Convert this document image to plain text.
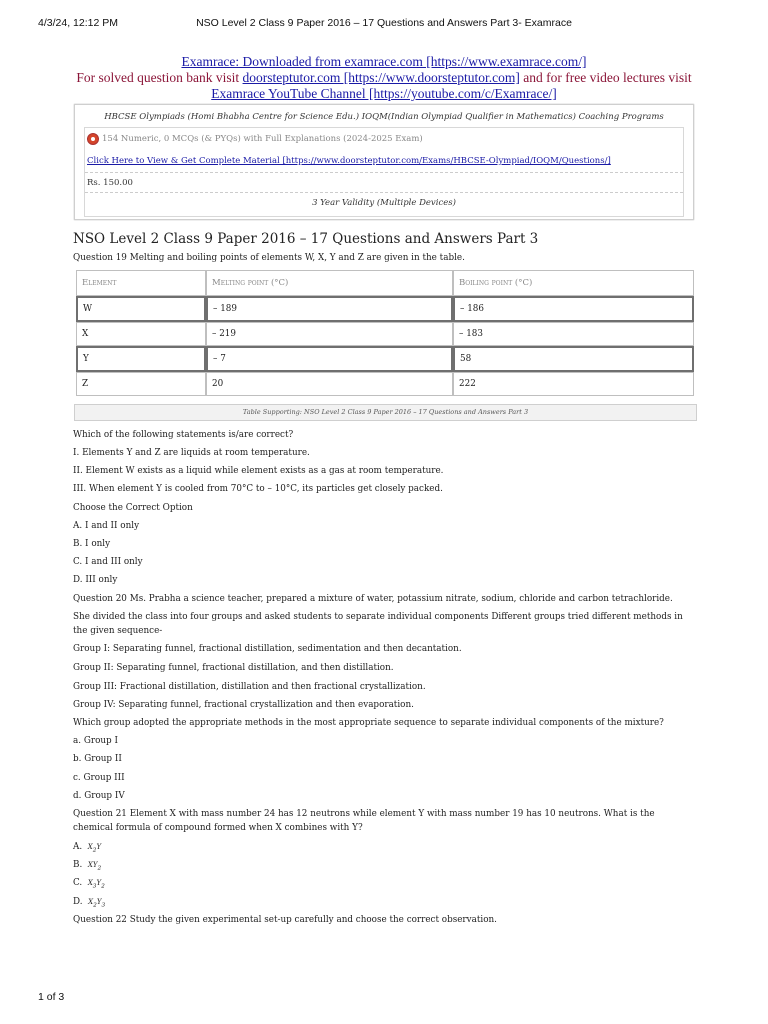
4/3/24, 12:12 PM	NSO Level 2 Class 9 Paper 2016 – 17 Questions and Answers Part 3- Examrace
Examrace: Downloaded from examrace.com [https://www.examrace.com/]
For solved question bank visit doorsteptutor.com [https://www.doorsteptutor.com] and for free video lectures visit
Examrace YouTube Channel [https://youtube.com/c/Examrace/]
HBCSE Olympiads (Homi Bhabha Centre for Science Edu.) IOQM(Indian Olympiad Qualifier in Mathematics) Coaching Programs
154 Numeric, 0 MCQs (& PYQs) with Full Explanations (2024-2025 Exam)
Click Here to View & Get Complete Material [https://www.doorsteptutor.com/Exams/HBCSE-Olympiad/IOQM/Questions/]
Rs. 150.00
3 Year Validity (Multiple Devices)
NSO Level 2 Class 9 Paper 2016 – 17 Questions and Answers Part 3
Question 19 Melting and boiling points of elements W, X, Y and Z are given in the table.
Element	Melting point (°C)	Boiling point (°C)
W	– 189	– 186
X	– 219	– 183
Y	– 7	58
Z	20	222
Table Supporting: NSO Level 2 Class 9 Paper 2016 – 17 Questions and Answers Part 3
Which of the following statements is/are correct?
I. Elements Y and Z are liquids at room temperature.
II. Element W exists as a liquid while element exists as a gas at room temperature.
III. When element Y is cooled from 70°C to – 10°C, its particles get closely packed.
Choose the Correct Option
A. I and II only
B. I only
C. I and III only
D. III only
Question 20 Ms. Prabha a science teacher, prepared a mixture of water, potassium nitrate, sodium, chloride and carbon tetrachloride.
She divided the class into four groups and asked students to separate individual components Different groups tried different methods in the given sequence-
Group I: Separating funnel, fractional distillation, sedimentation and then decantation.
Group II: Separating funnel, fractional distillation, and then distillation.
Group III: Fractional distillation, distillation and then fractional crystallization.
Group IV: Separating funnel, fractional crystallization and then evaporation.
Which group adopted the appropriate methods in the most appropriate sequence to separate individual components of the mixture?
a. Group I
b. Group II
c. Group III
d. Group IV
Question 21 Element X with mass number 24 has 12 neutrons while element Y with mass number 19 has 10 neutrons. What is the chemical formula of compound formed when X combines with Y?
A. $X_2Y$
B. $XY_2$
C. $X_3Y_2$
D. $X_2Y_3$
Question 22 Study the given experimental set-up carefully and choose the correct observation.
1 of 3
